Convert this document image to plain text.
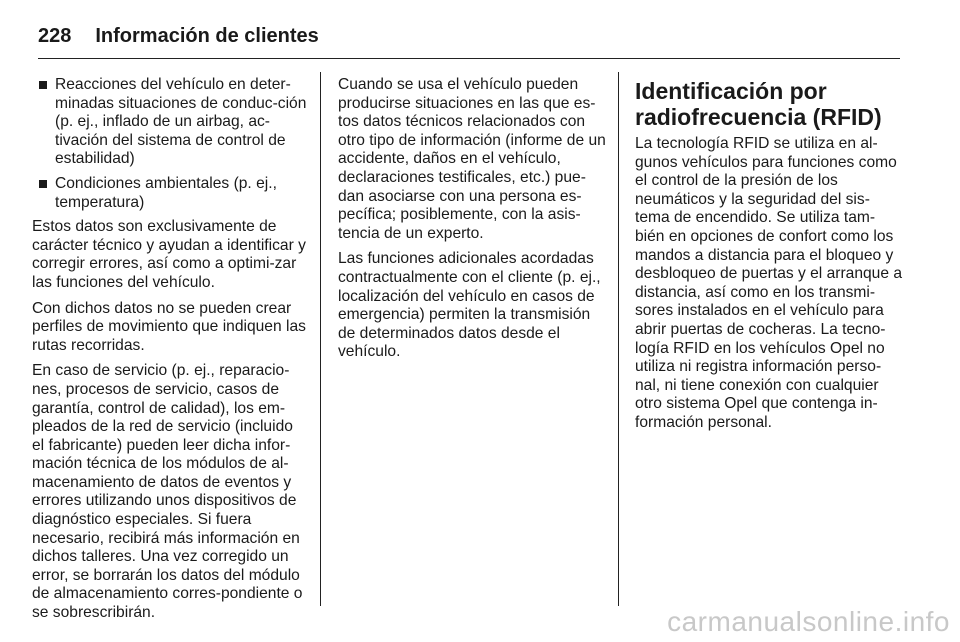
228 Información de clientes
Reacciones del vehículo en deter-minadas situaciones de conduc-ción (p. ej., inflado de un airbag, ac-tivación del sistema de control de estabilidad)
Condiciones ambientales (p. ej., temperatura)

Estos datos son exclusivamente de carácter técnico y ayudan a identificar y corregir errores, así como a optimi-zar las funciones del vehículo.

Con dichos datos no se pueden crear perfiles de movimiento que indiquen las rutas recorridas.

En caso de servicio (p. ej., reparacio-nes, procesos de servicio, casos de garantía, control de calidad), los em-pleados de la red de servicio (incluido el fabricante) pueden leer dicha infor-mación técnica de los módulos de al-macenamiento de datos de eventos y errores utilizando unos dispositivos de diagnóstico especiales. Si fuera necesario, recibirá más información en dichos talleres. Una vez corregido un error, se borrarán los datos del módulo de almacenamiento corres-pondiente o se sobrescribirán.

Cuando se usa el vehículo pueden producirse situaciones en las que es-tos datos técnicos relacionados con otro tipo de información (informe de un accidente, daños en el vehículo, declaraciones testificales, etc.) pue-dan asociarse con una persona es-pecífica; posiblemente, con la asis-tencia de un experto.

Las funciones adicionales acordadas contractualmente con el cliente (p. ej., localización del vehículo en casos de emergencia) permiten la transmisión de determinados datos desde el vehículo.

Identificación por radiofrecuencia (RFID)

La tecnología RFID se utiliza en al-gunos vehículos para funciones como el control de la presión de los neumáticos y la seguridad del sis-tema de encendido. Se utiliza tam-bién en opciones de confort como los mandos a distancia para el bloqueo y desbloqueo de puertas y el arranque a distancia, así como en los transmi-sores instalados en el vehículo para abrir puertas de cocheras. La tecno-logía RFID en los vehículos Opel no utiliza ni registra información perso-nal, ni tiene conexión con cualquier otro sistema Opel que contenga in-formación personal.

carmanualsonline.info
